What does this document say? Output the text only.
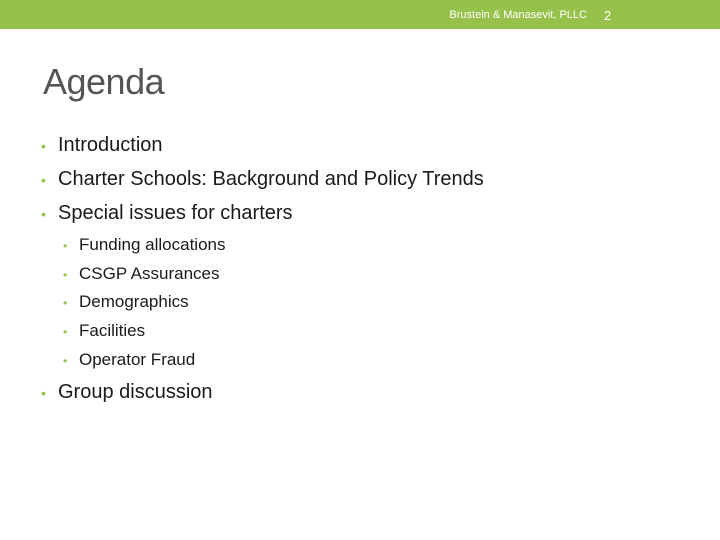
Brustein & Manasevit, PLLC 2
Agenda
• Introduction
• Charter Schools: Background and Policy Trends
• Special issues for charters
• Funding allocations
• CSGP Assurances
• Demographics
• Facilities
• Operator Fraud
• Group discussion
